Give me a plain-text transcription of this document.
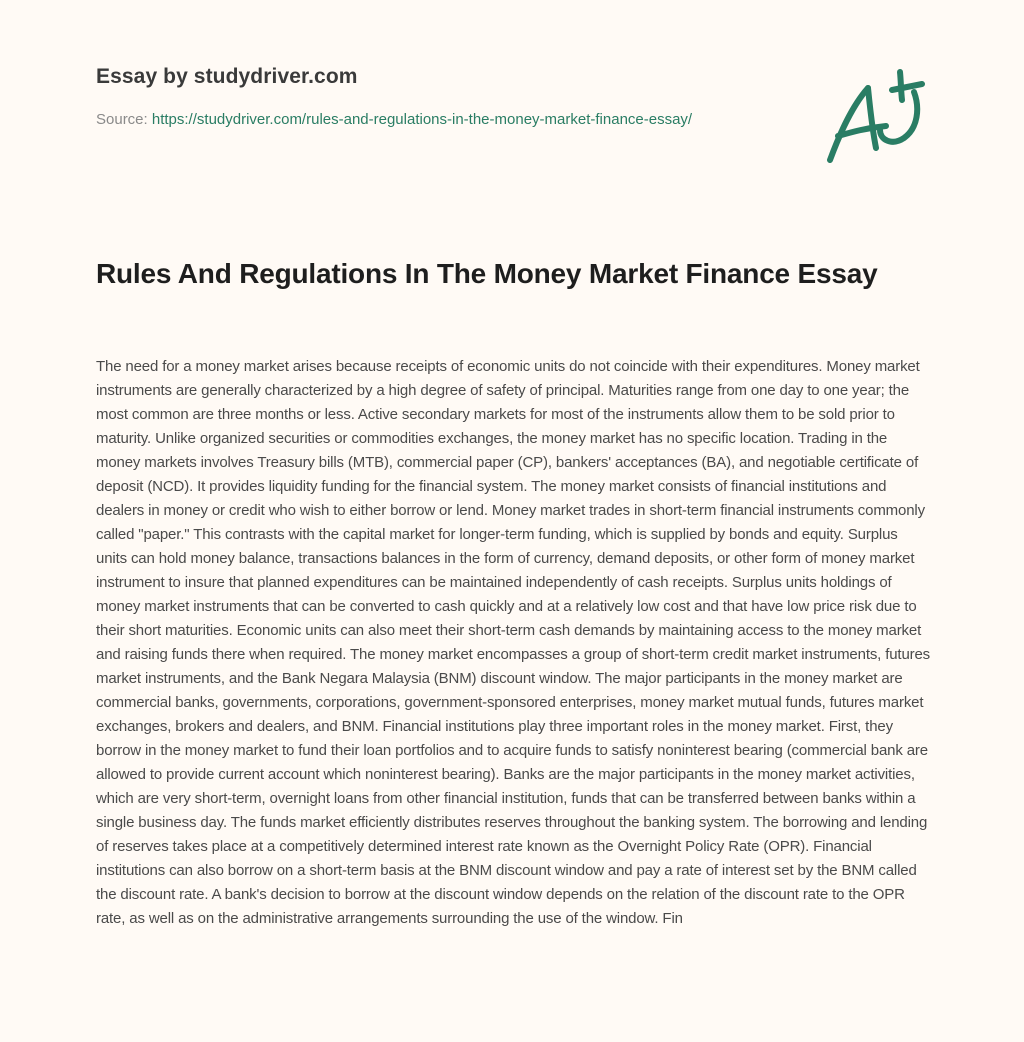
Essay by studydriver.com
Source: https://studydriver.com/rules-and-regulations-in-the-money-market-finance-essay/
Rules And Regulations In The Money Market Finance Essay

The need for a money market arises because receipts of economic units do not coincide with their expenditures. Money market instruments are generally characterized by a high degree of safety of principal. Maturities range from one day to one year; the most common are three months or less. Active secondary markets for most of the instruments allow them to be sold prior to maturity. Unlike organized securities or commodities exchanges, the money market has no specific location. Trading in the money markets involves Treasury bills (MTB), commercial paper (CP), bankers' acceptances (BA), and negotiable certificate of deposit (NCD). It provides liquidity funding for the financial system. The money market consists of financial institutions and dealers in money or credit who wish to either borrow or lend. Money market trades in short-term financial instruments commonly called "paper." This contrasts with the capital market for longer-term funding, which is supplied by bonds and equity. Surplus units can hold money balance, transactions balances in the form of currency, demand deposits, or other form of money market instrument to insure that planned expenditures can be maintained independently of cash receipts. Surplus units holdings of money market instruments that can be converted to cash quickly and at a relatively low cost and that have low price risk due to their short maturities. Economic units can also meet their short-term cash demands by maintaining access to the money market and raising funds there when required. The money market encompasses a group of short-term credit market instruments, futures market instruments, and the Bank Negara Malaysia (BNM) discount window. The major participants in the money market are commercial banks, governments, corporations, government-sponsored enterprises, money market mutual funds, futures market exchanges, brokers and dealers, and BNM. Financial institutions play three important roles in the money market. First, they borrow in the money market to fund their loan portfolios and to acquire funds to satisfy noninterest bearing (commercial bank are allowed to provide current account which noninterest bearing). Banks are the major participants in the money market activities, which are very short-term, overnight loans from other financial institution, funds that can be transferred between banks within a single business day. The funds market efficiently distributes reserves throughout the banking system. The borrowing and lending of reserves takes place at a competitively determined interest rate known as the Overnight Policy Rate (OPR). Financial institutions can also borrow on a short-term basis at the BNM discount window and pay a rate of interest set by the BNM called the discount rate. A bank's decision to borrow at the discount window depends on the relation of the discount rate to the OPR rate, as well as on the administrative arrangements surrounding the use of the window. Fin
